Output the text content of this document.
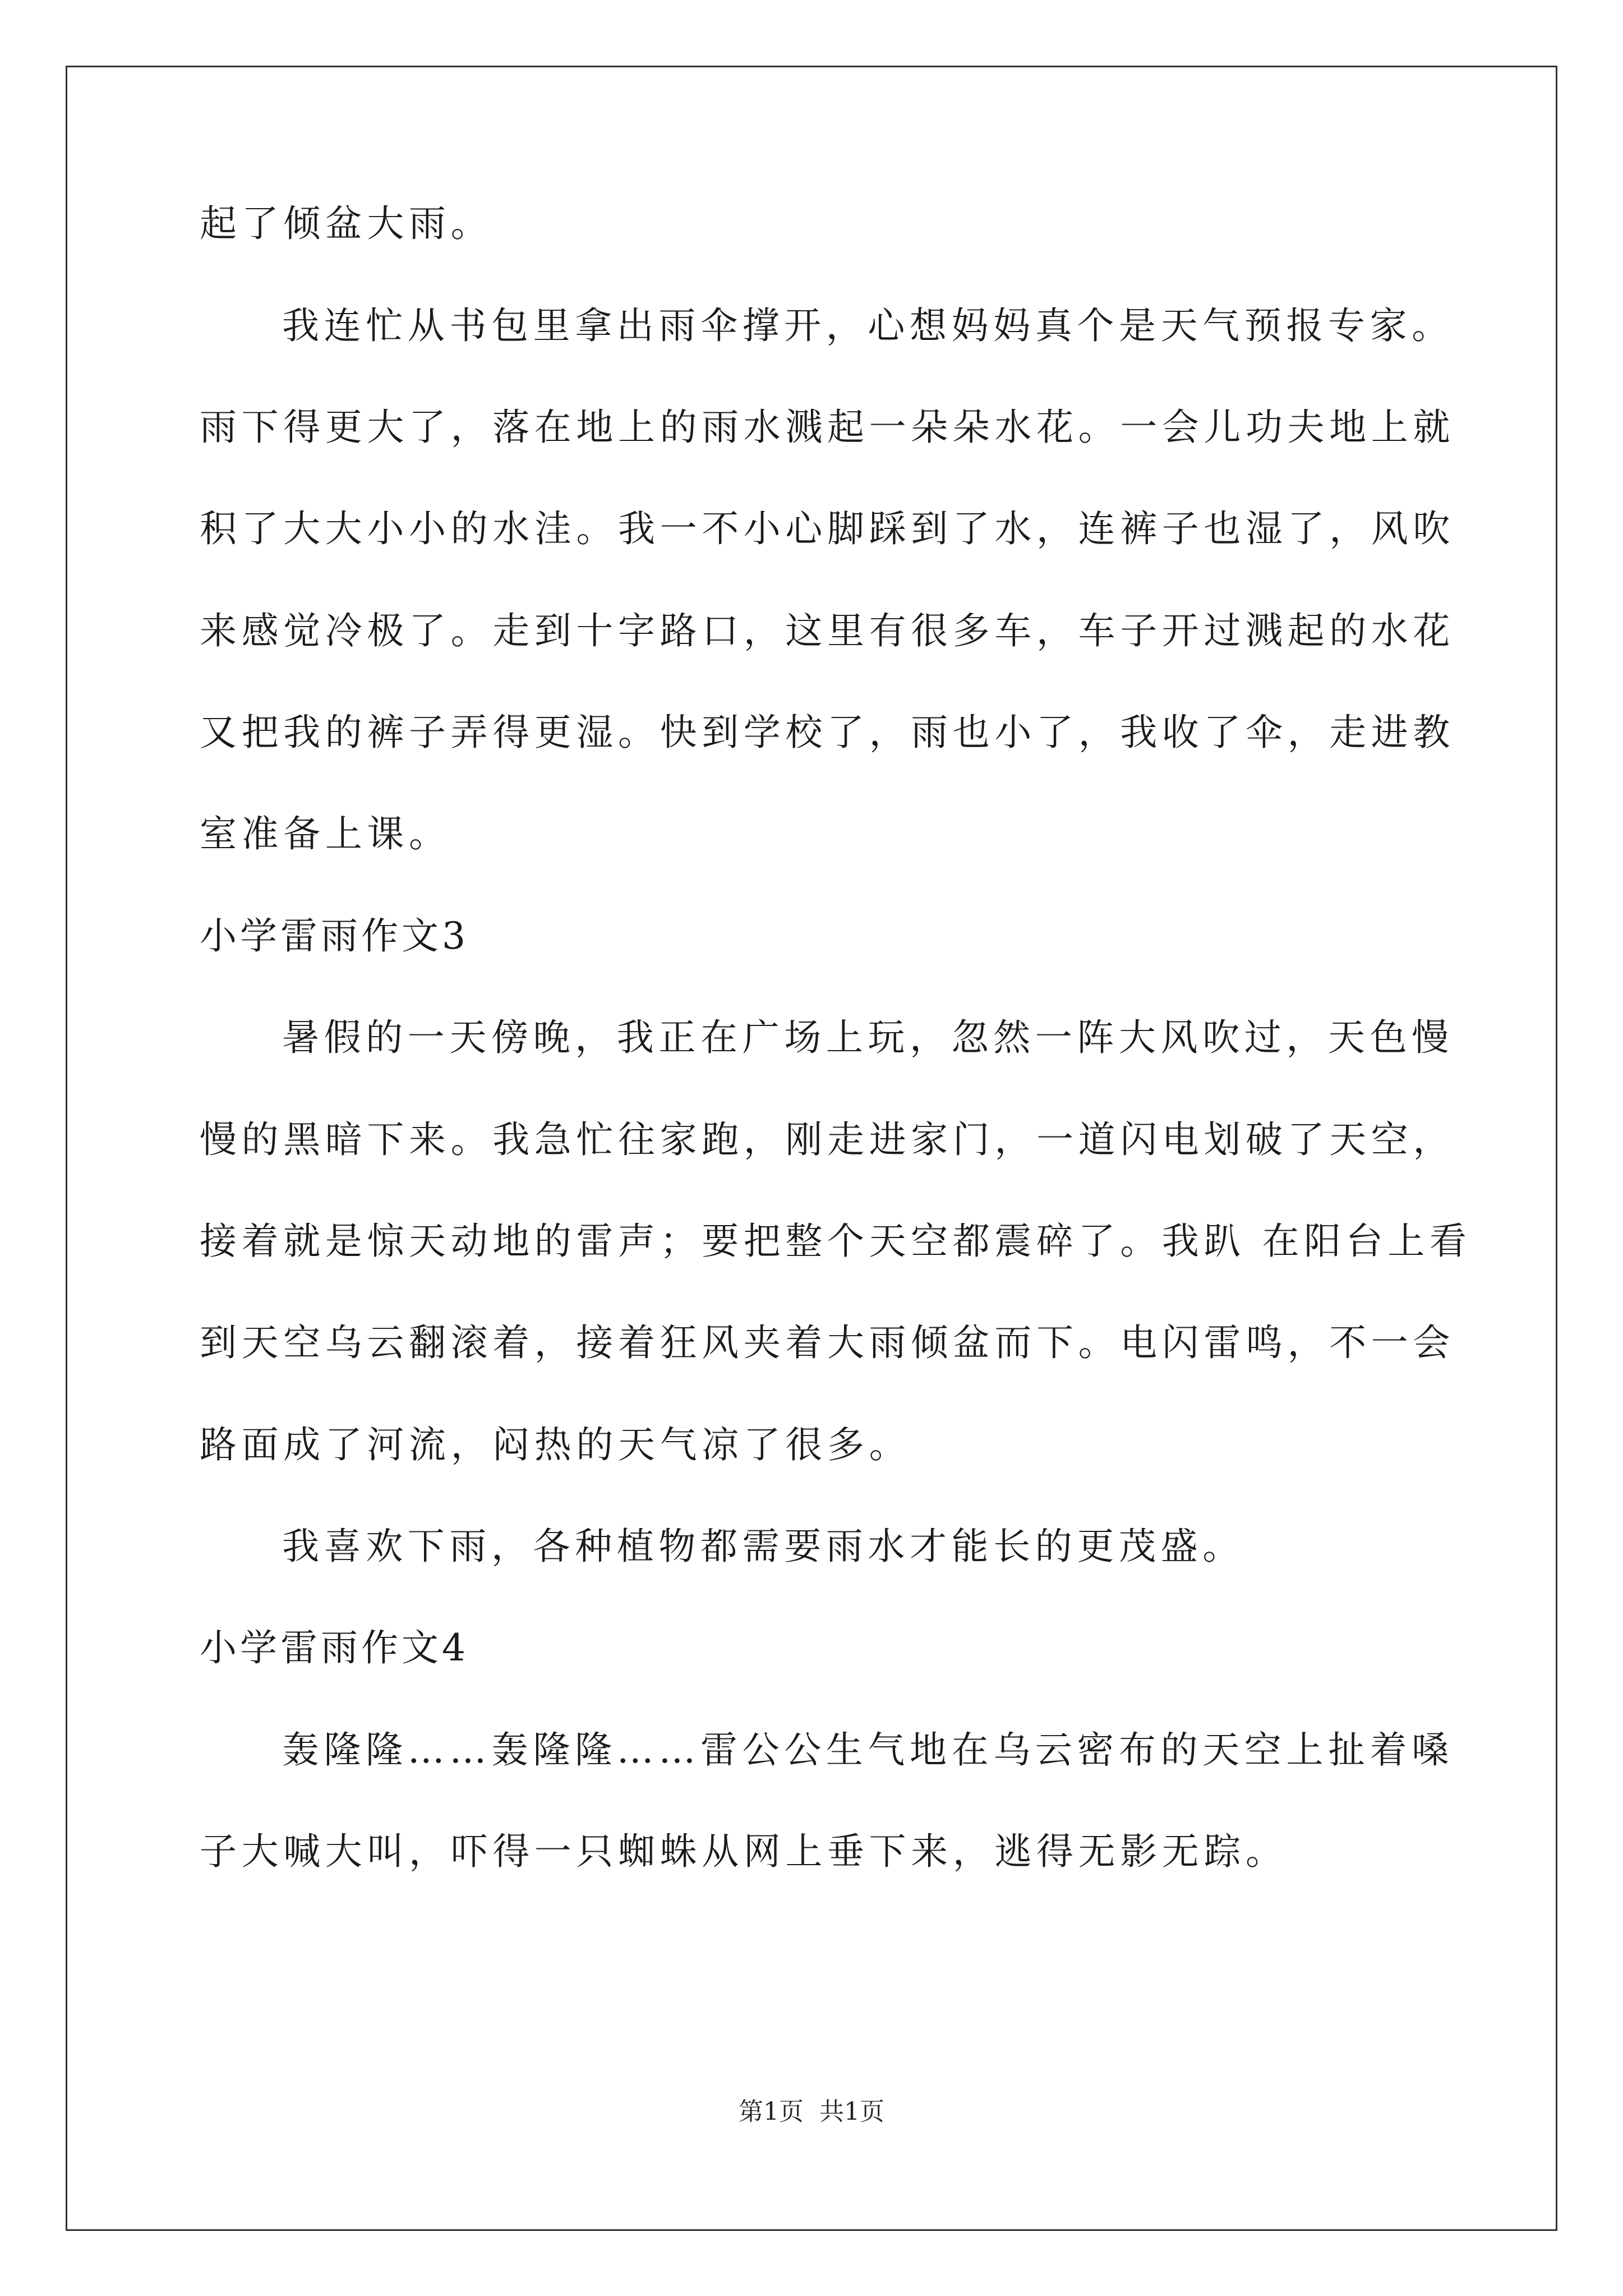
起了倾盆大雨。
我连忙从书包里拿出雨伞撑开，心想妈妈真个是天气预报专家。
雨下得更大了，落在地上的雨水溅起一朵朵水花。一会儿功夫地上就
积了大大小小的水洼。我一不小心脚踩到了水，连裤子也湿了，风吹
来感觉冷极了。走到十字路口，这里有很多车，车子开过溅起的水花
又把我的裤子弄得更湿。快到学校了，雨也小了，我收了伞，走进教
室准备上课。
小学雷雨作文3
暑假的一天傍晚，我正在广场上玩，忽然一阵大风吹过，天色慢
慢的黑暗下来。我急忙往家跑，刚走进家门，一道闪电划破了天空，
接着就是惊天动地的雷声；要把整个天空都震碎了。我趴 在阳台上看
到天空乌云翻滚着，接着狂风夹着大雨倾盆而下。电闪雷鸣，不一会
路面成了河流，闷热的天气凉了很多。
我喜欢下雨，各种植物都需要雨水才能长的更茂盛。
小学雷雨作文4
轰隆隆……轰隆隆……雷公公生气地在乌云密布的天空上扯着嗓
子大喊大叫，吓得一只蜘蛛从网上垂下来，逃得无影无踪。
第1页 共1页
